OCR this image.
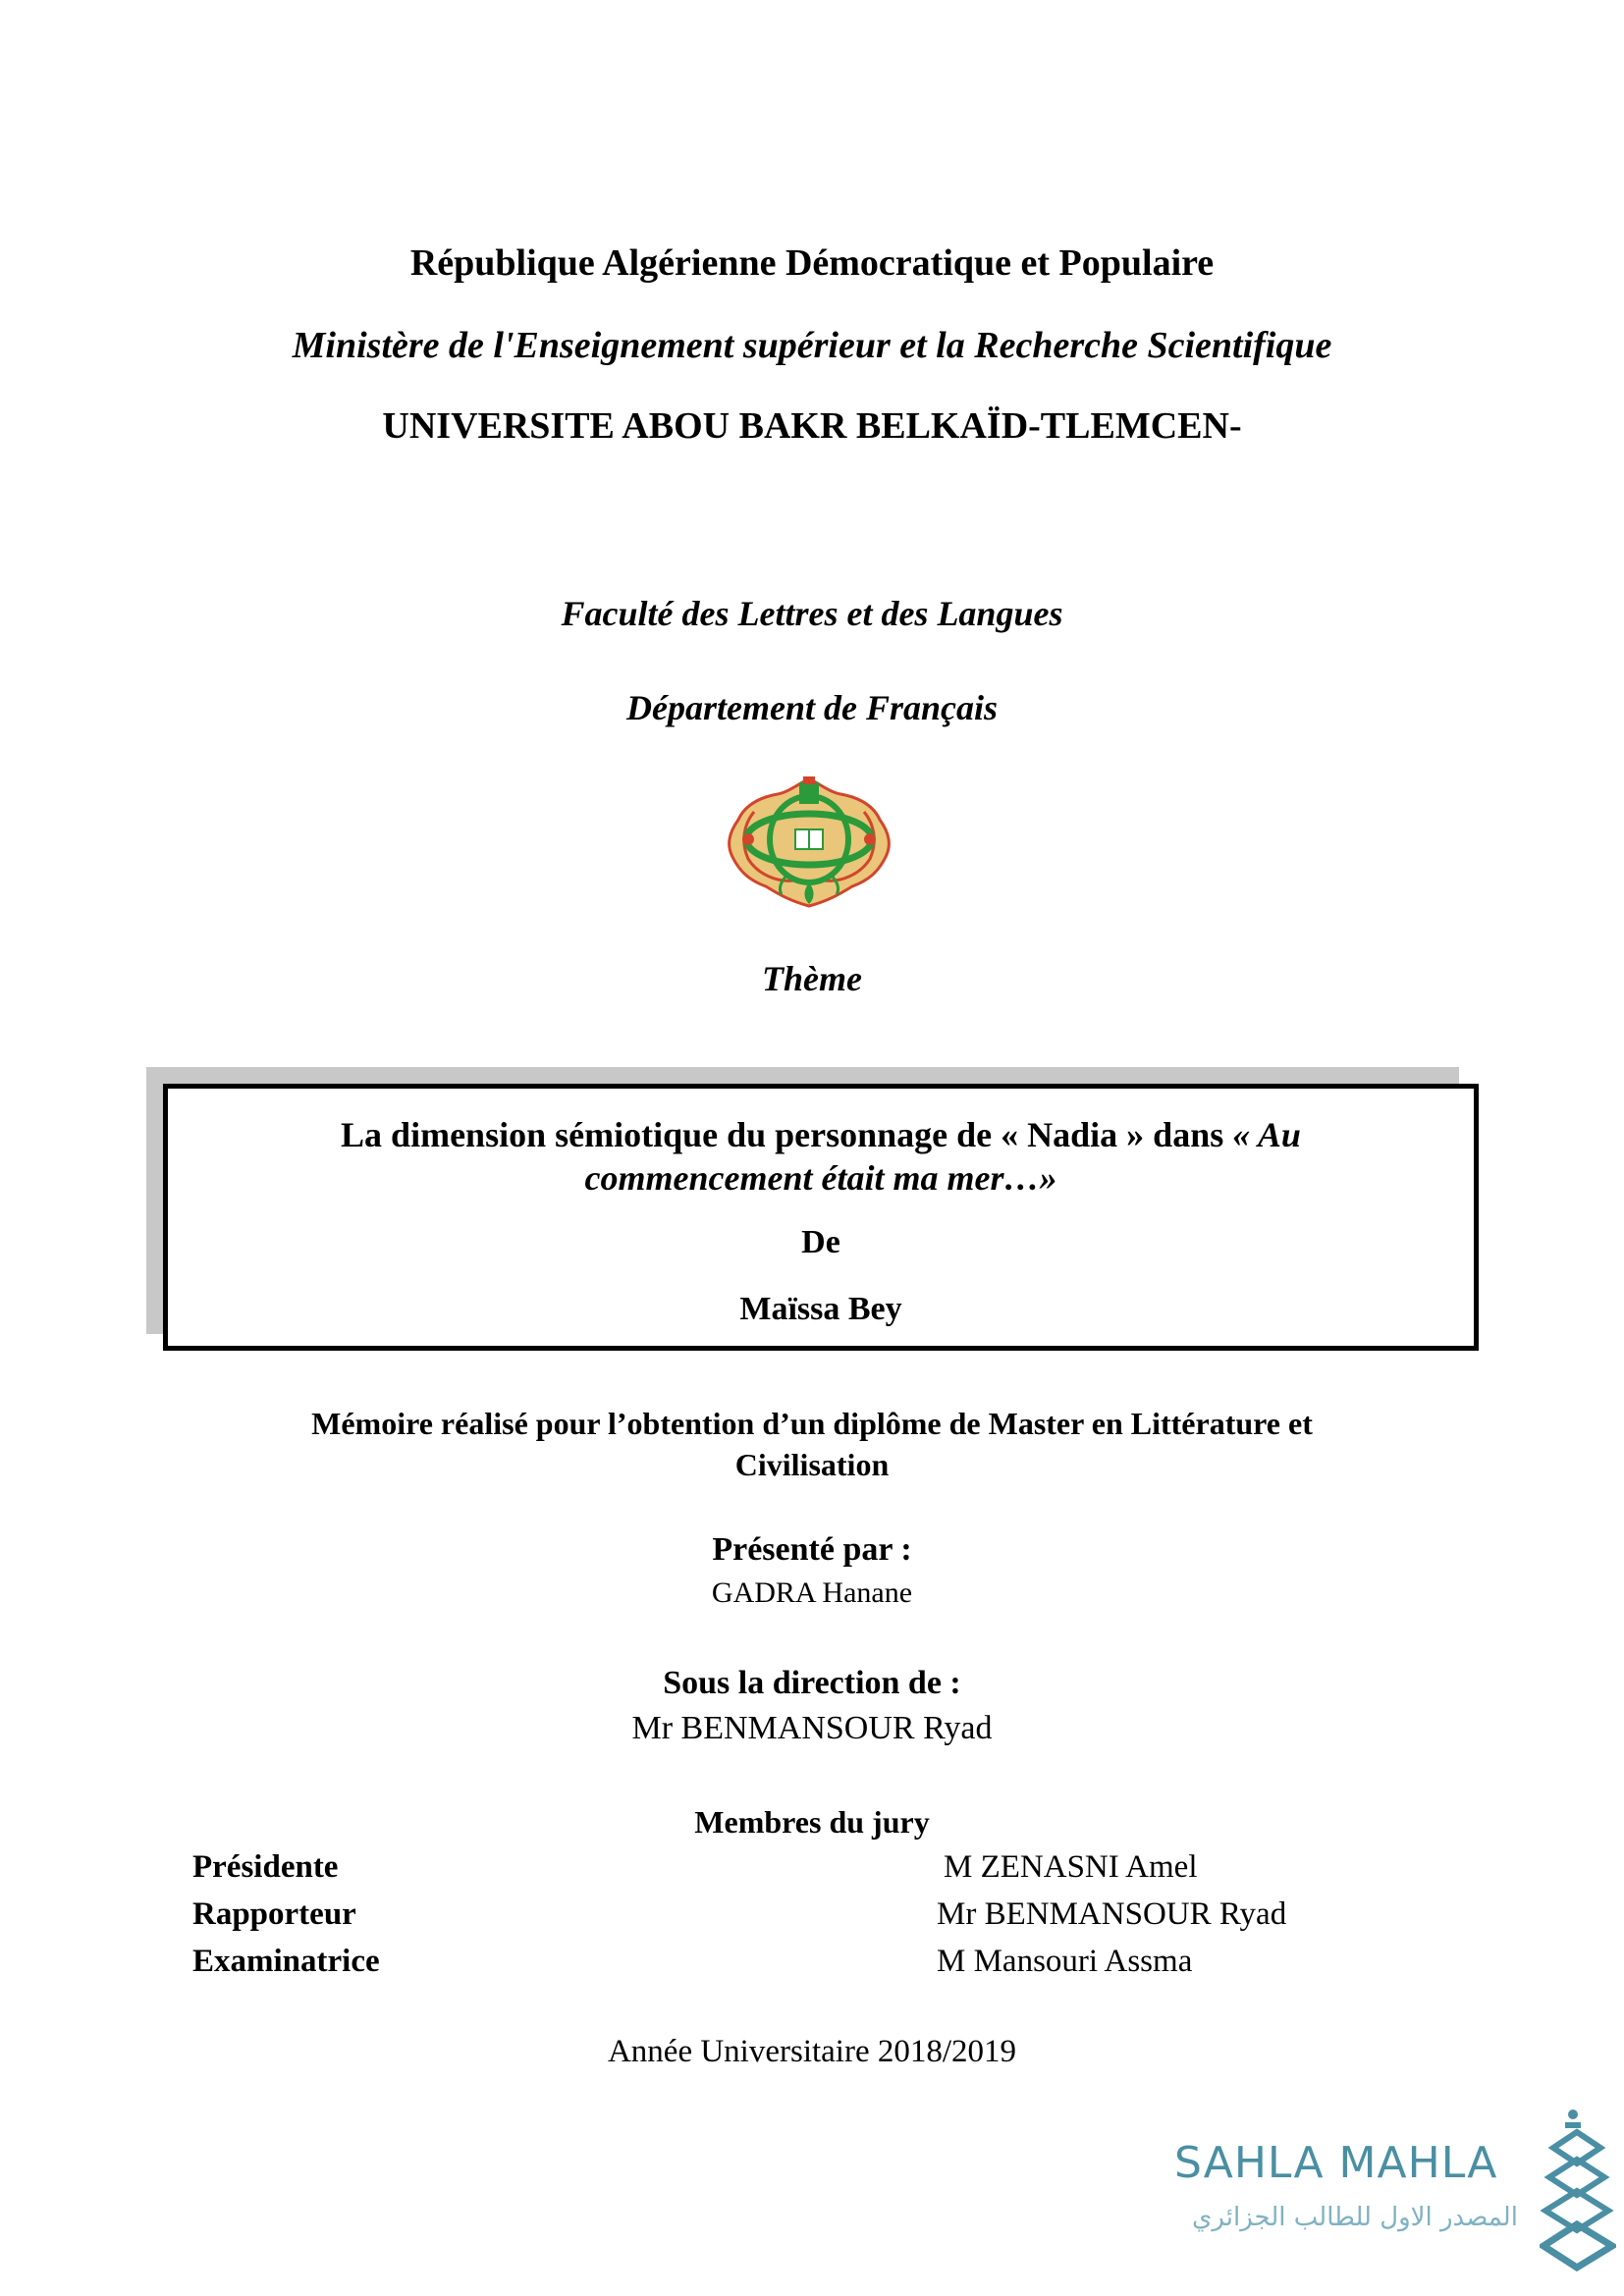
République Algérienne Démocratique et Populaire
Ministère de l'Enseignement supérieur et la Recherche Scientifique
UNIVERSITE ABOU BAKR BELKAÏD-TLEMCEN-
Faculté des Lettres et des Langues
Département de Français
Thème
La dimension sémiotique du personnage de « Nadia » dans « Au
commencement était ma mer…»
De
Maïssa Bey
Mémoire réalisé pour l’obtention d’un diplôme de Master en Littérature et
Civilisation
Présenté par :
GADRA Hanane
Sous la direction de :
Mr BENMANSOUR Ryad
Membres du jury
Présidente
Rapporteur
Examinatrice
M ZENASNI Amel
Mr BENMANSOUR Ryad
M Mansouri Assma
Année Universitaire 2018/2019
SAHLA MAHLA
المصدر الاول للطالب الجزائري
